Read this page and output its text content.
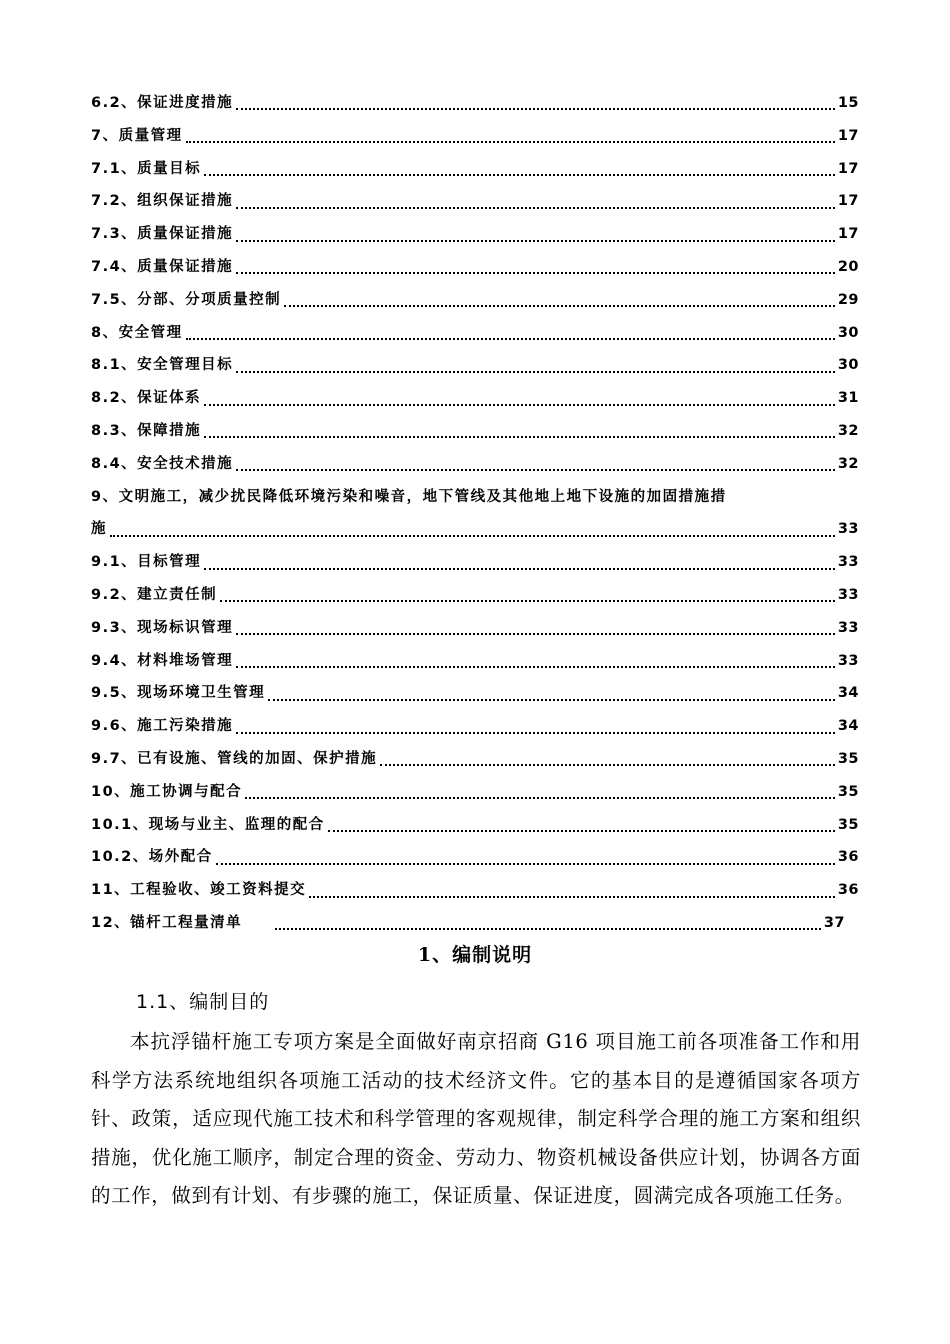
6.2、保证进度措施	15
7、质量管理	17
7.1、质量目标	17
7.2、组织保证措施	17
7.3、质量保证措施	17
7.4、质量保证措施	20
7.5、分部、分项质量控制	29
8、安全管理	30
8.1、安全管理目标	30
8.2、保证体系	31
8.3、保障措施	32
8.4、安全技术措施	32
9、文明施工，减少扰民降低环境污染和噪音，地下管线及其他地上地下设施的加固措施措
施	33
9.1、目标管理	33
9.2、建立责任制	33
9.3、现场标识管理	33
9.4、材料堆场管理	33
9.5、现场环境卫生管理	34
9.6、施工污染措施	34
9.7、已有设施、管线的加固、保护措施	35
10、施工协调与配合	35
10.1、现场与业主、监理的配合	35
10.2、场外配合	36
11、工程验收、竣工资料提交	36
12、锚杆工程量清单	37
1、编制说明
1.1、编制目的

本抗浮锚杆施工专项方案是全面做好南京招商 G16 项目施工前各项准备工作和用科学方法系统地组织各项施工活动的技术经济文件。它的基本目的是遵循国家各项方针、政策，适应现代施工技术和科学管理的客观规律，制定科学合理的施工方案和组织措施，优化施工顺序，制定合理的资金、劳动力、物资机械设备供应计划，协调各方面的工作，做到有计划、有步骤的施工，保证质量、保证进度，圆满完成各项施工任务。
